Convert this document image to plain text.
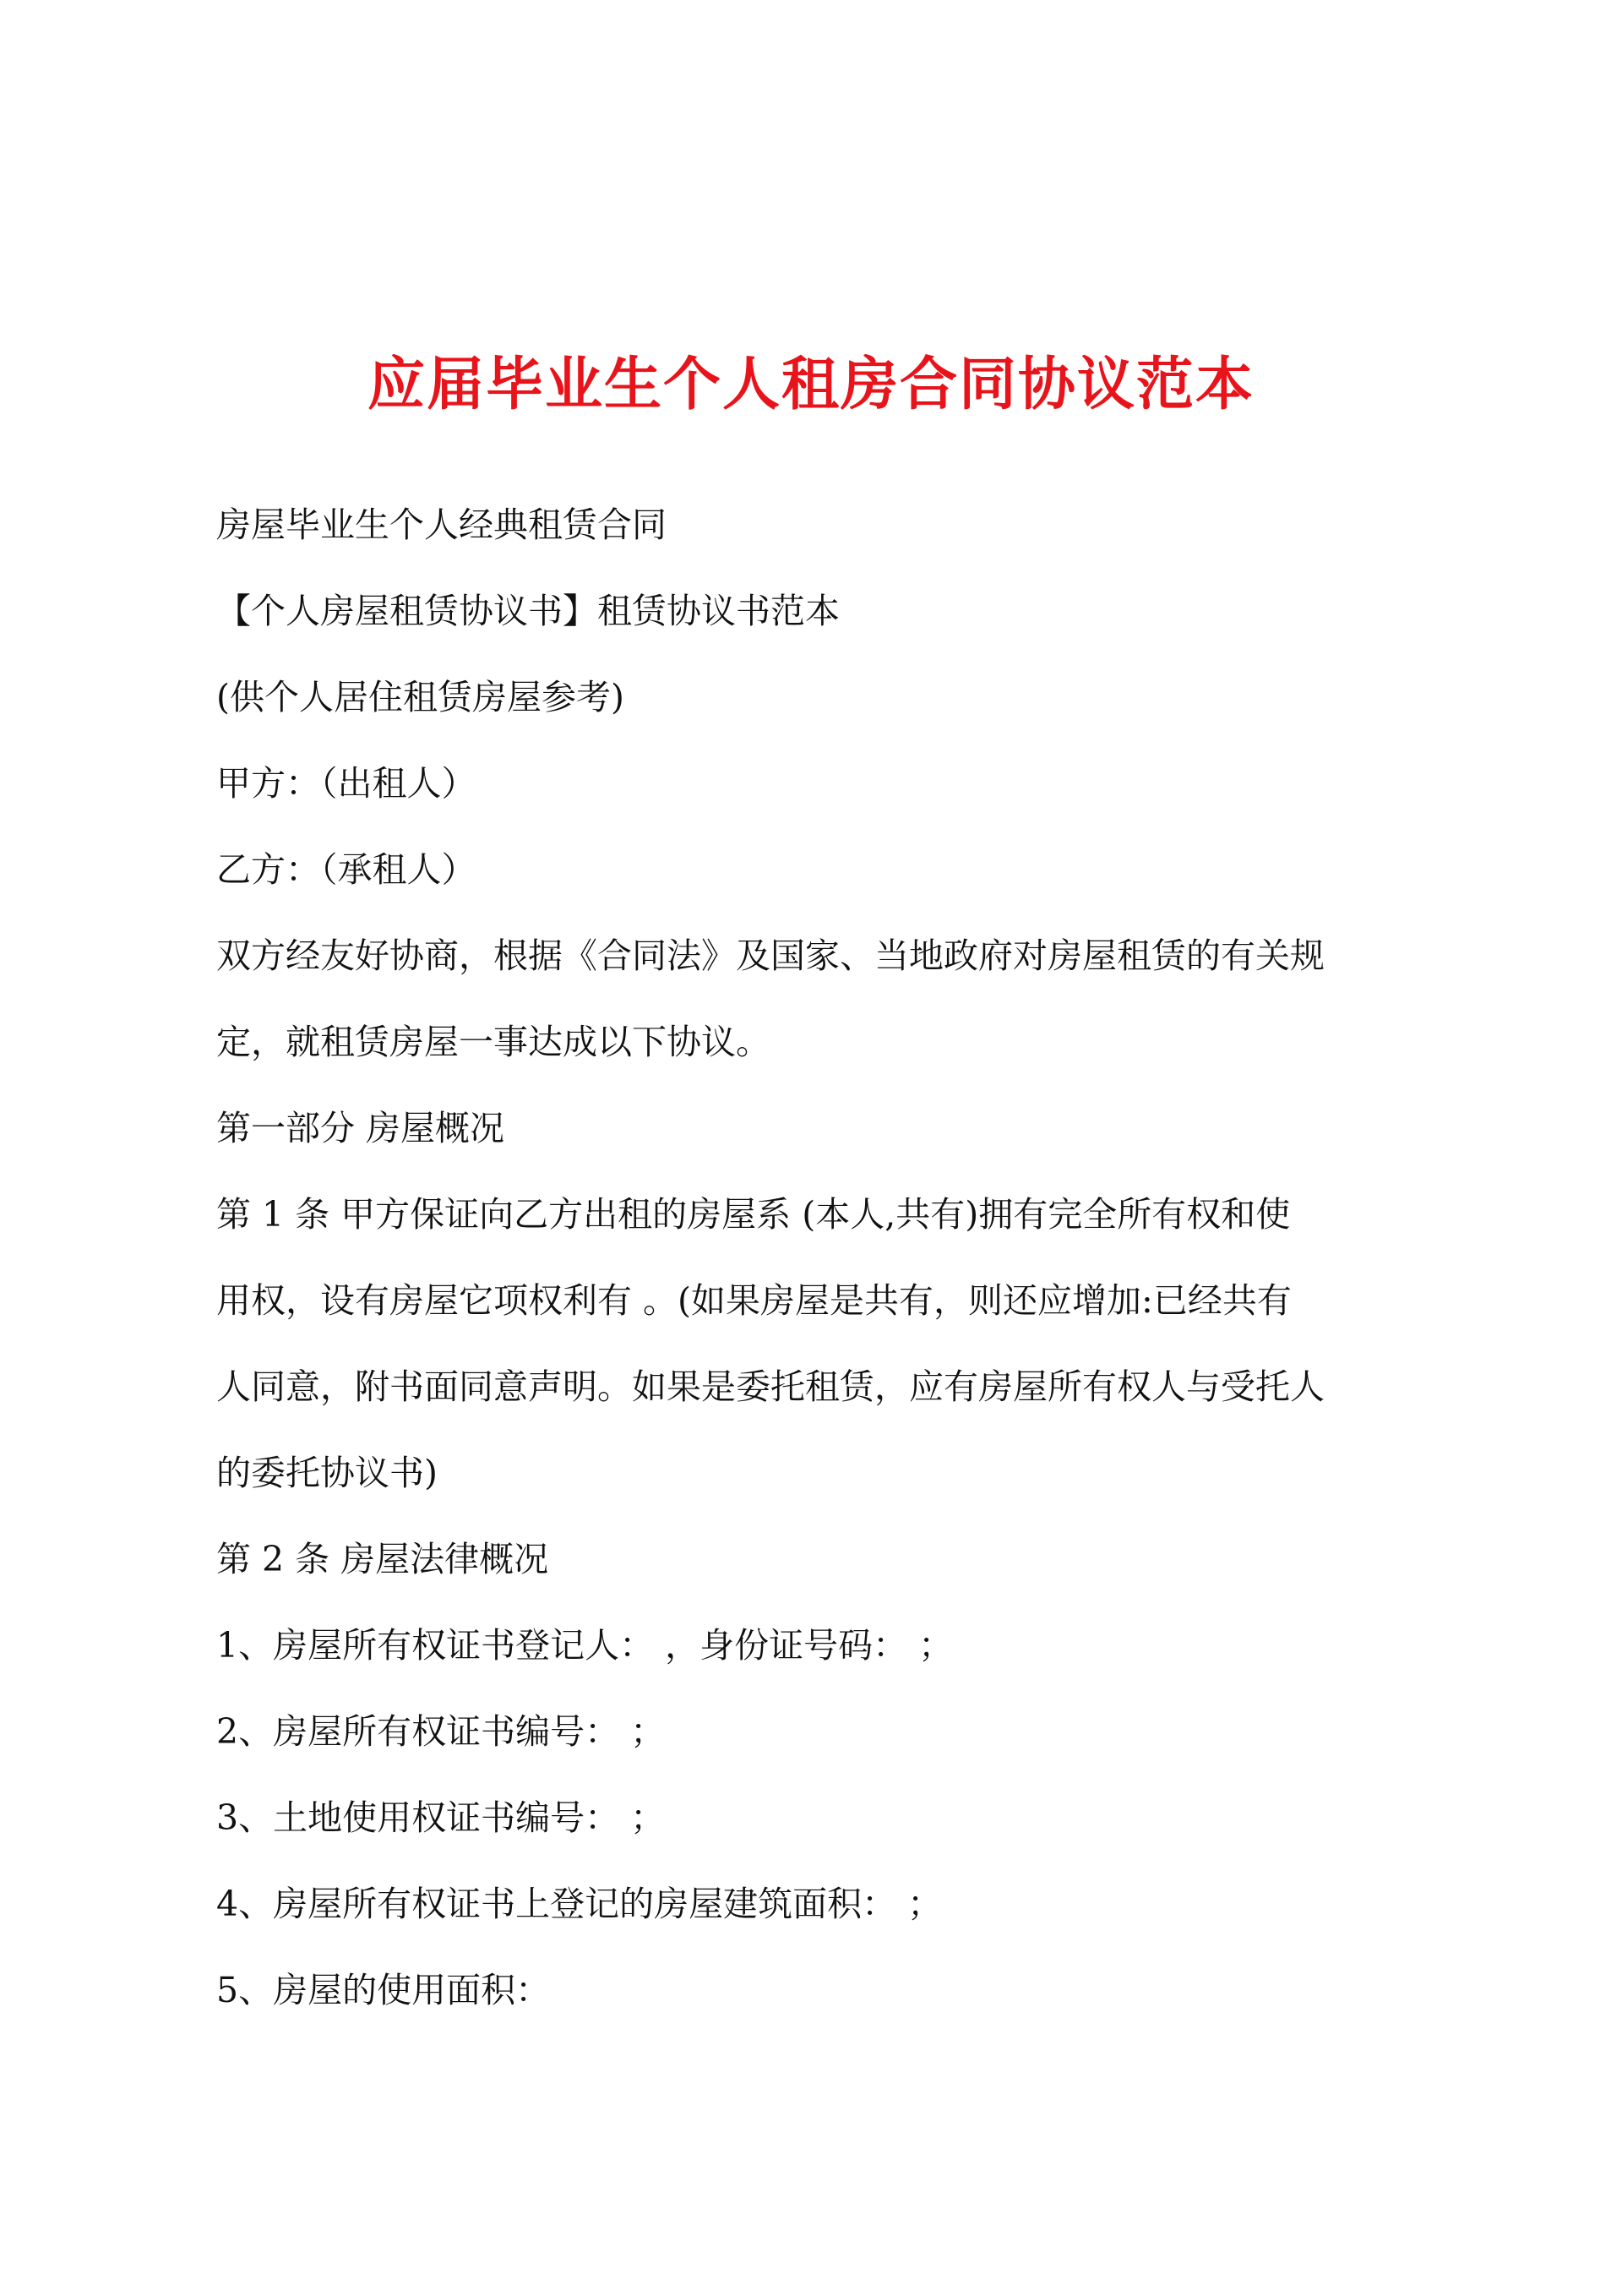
应届毕业生个人租房合同协议范本

房屋毕业生个人经典租赁合同

【个人房屋租赁协议书】租赁协议书范本

(供个人居住租赁房屋参考)

甲方：（出租人）

乙方：（承租人）

双方经友好协商，根据《合同法》及国家、当地政府对房屋租赁的有关规

定，就租赁房屋一事达成以下协议。

第一部分 房屋概况

第 1 条 甲方保证向乙方出租的房屋系 (本人,共有)拥有完全所有权和使

用权，设有房屋它项权利有 。(如果房屋是共有，则还应增加:已经共有

人同意，附书面同意声明。如果是委托租赁，应有房屋所有权人与受托人

的委托协议书)

第 2 条 房屋法律概况

1、房屋所有权证书登记人： ，身份证号码： ；

2、房屋所有权证书编号： ；

3、土地使用权证书编号： ；

4、房屋所有权证书上登记的房屋建筑面积： ；

5、房屋的使用面积：
